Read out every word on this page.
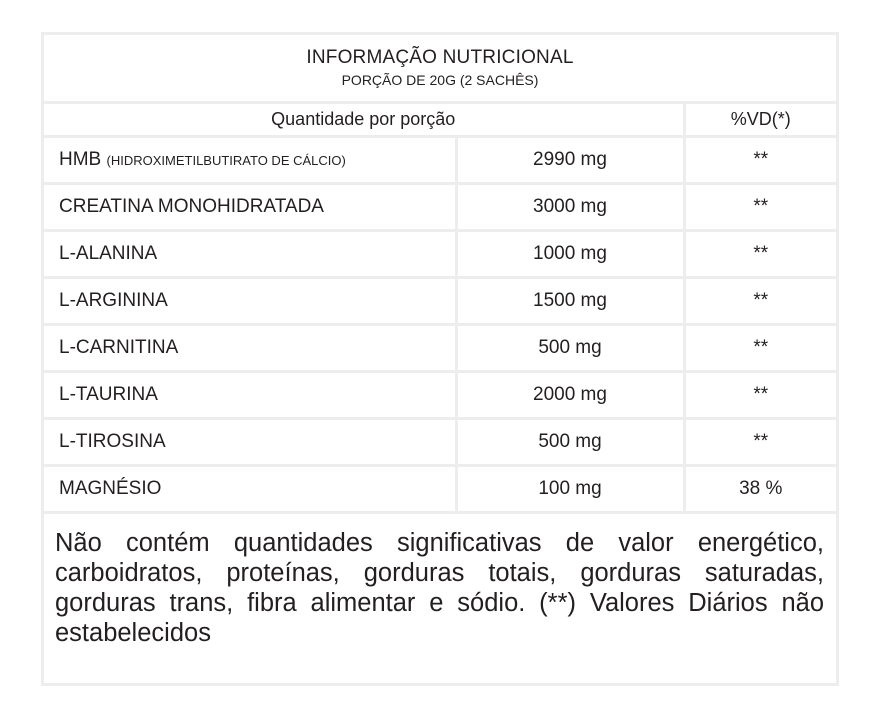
INFORMAÇÃO NUTRICIONAL
PORÇÃO DE 20G (2 SACHÊS)		

Quantidade por porção		%VD(*)
HMB (HIDROXIMETILBUTIRATO DE CÁLCIO)	2990 mg	**
CREATINA MONOHIDRATADA	3000 mg	**
L-ALANINA	1000 mg	**
L-ARGININA	1500 mg	**
L-CARNITINA	500 mg	**
L-TAURINA	2000 mg	**
L-TIROSINA	500 mg	**
MAGNÉSIO	100 mg	38 %
Não contém quantidades significativas de valor energético, carboidratos, proteínas, gorduras totais, gorduras saturadas, gorduras trans, fibra alimentar e sódio. (**) Valores Diários não estabelecidos
